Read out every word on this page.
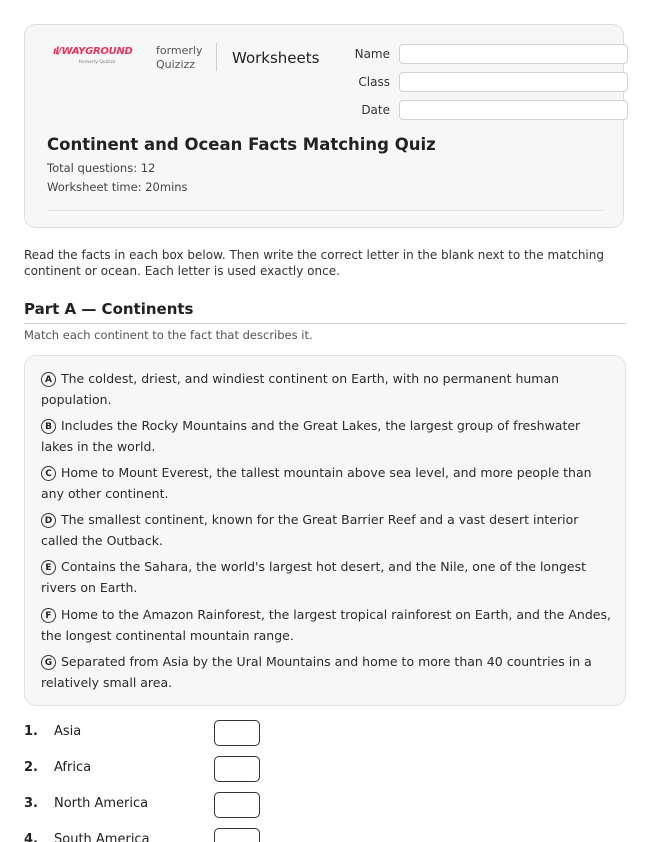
ıl/WAYGROUND
formerly Quizizz
formerly
Quizizz	Worksheets	Name
Class
Date
Continent and Ocean Facts Matching Quiz
Total questions: 12
Worksheet time: 20mins
Read the facts in each box below. Then write the correct letter in the blank next to the matching continent or ocean. Each letter is used exactly once.
Part A — Continents
Match each continent to the fact that describes it.
A The coldest, driest, and windiest continent on Earth, with no permanent human population.
B Includes the Rocky Mountains and the Great Lakes, the largest group of freshwater lakes in the world.
C Home to Mount Everest, the tallest mountain above sea level, and more people than any other continent.
D The smallest continent, known for the Great Barrier Reef and a vast desert interior called the Outback.
E Contains the Sahara, the world's largest hot desert, and the Nile, one of the longest rivers on Earth.
F Home to the Amazon Rainforest, the largest tropical rainforest on Earth, and the Andes, the longest continental mountain range.
G Separated from Asia by the Ural Mountains and home to more than 40 countries in a relatively small area.
1. Asia
2. Africa
3. North America
4. South America
